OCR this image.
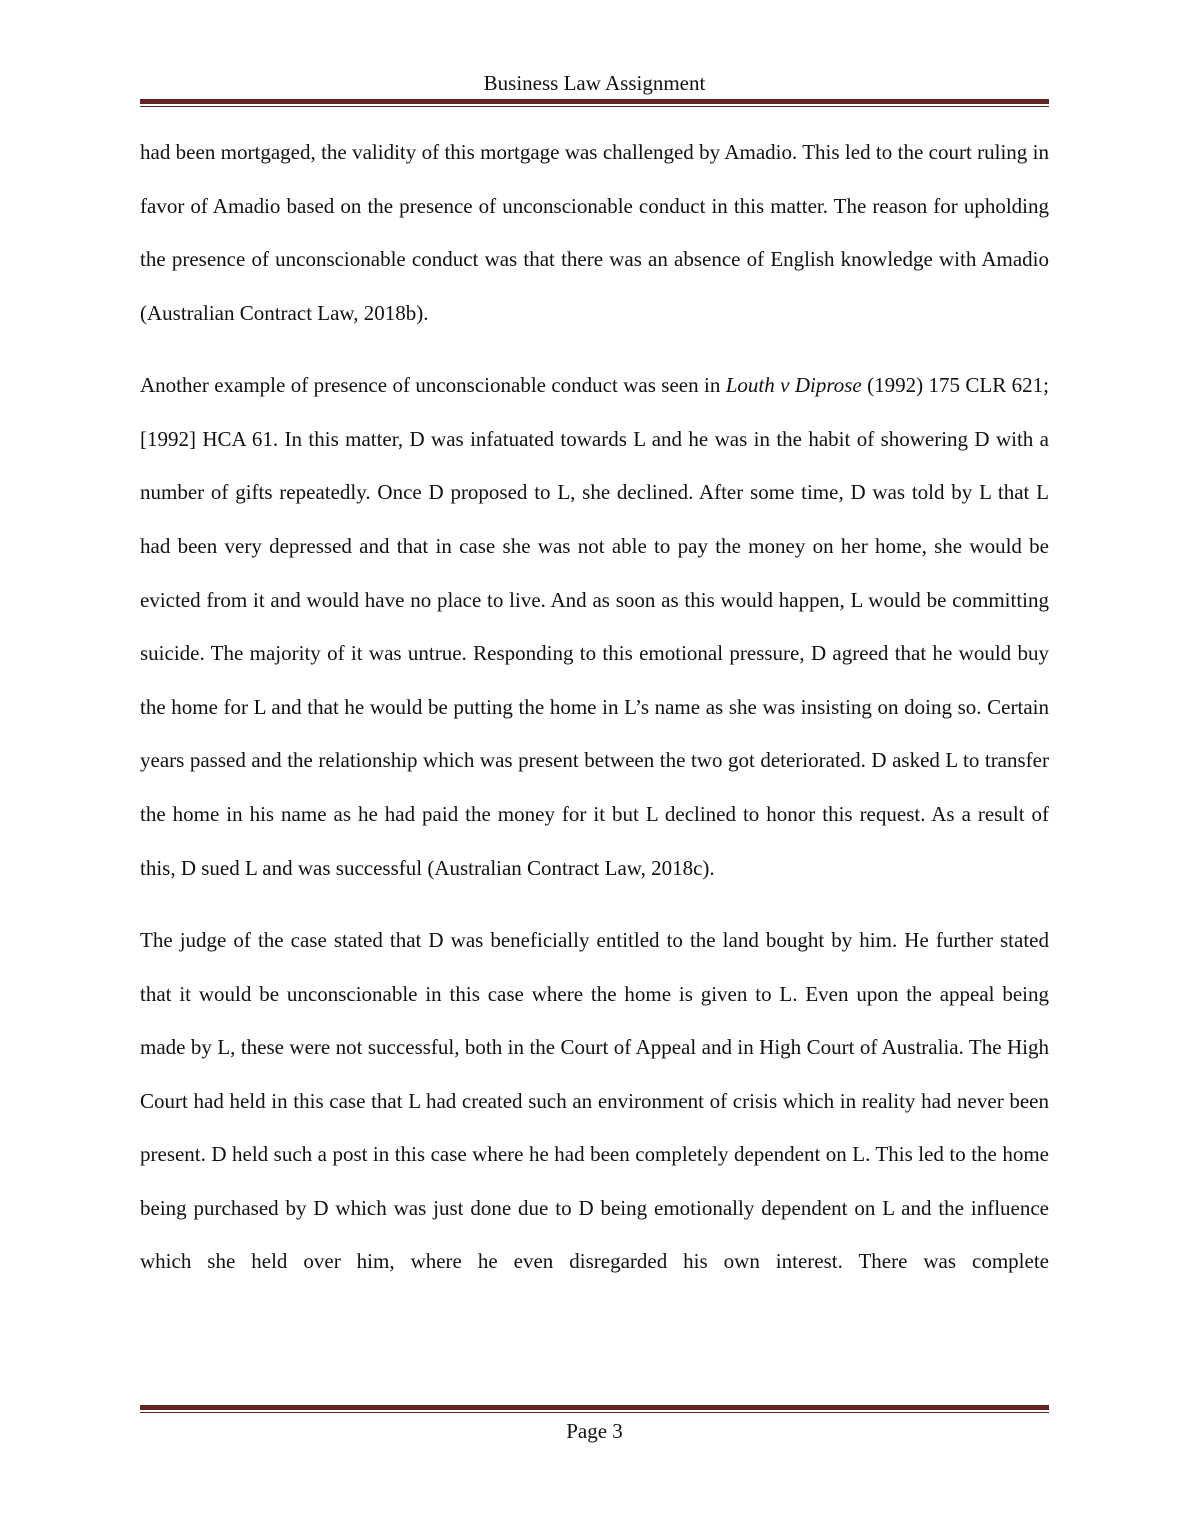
Business Law Assignment

had been mortgaged, the validity of this mortgage was challenged by Amadio. This led to the court ruling in favor of Amadio based on the presence of unconscionable conduct in this matter. The reason for upholding the presence of unconscionable conduct was that there was an absence of English knowledge with Amadio (Australian Contract Law, 2018b).

Another example of presence of unconscionable conduct was seen in Louth v Diprose (1992) 175 CLR 621; [1992] HCA 61. In this matter, D was infatuated towards L and he was in the habit of showering D with a number of gifts repeatedly. Once D proposed to L, she declined. After some time, D was told by L that L had been very depressed and that in case she was not able to pay the money on her home, she would be evicted from it and would have no place to live. And as soon as this would happen, L would be committing suicide. The majority of it was untrue. Responding to this emotional pressure, D agreed that he would buy the home for L and that he would be putting the home in L’s name as she was insisting on doing so. Certain years passed and the relationship which was present between the two got deteriorated. D asked L to transfer the home in his name as he had paid the money for it but L declined to honor this request. As a result of this, D sued L and was successful (Australian Contract Law, 2018c).

The judge of the case stated that D was beneficially entitled to the land bought by him. He further stated that it would be unconscionable in this case where the home is given to L. Even upon the appeal being made by L, these were not successful, both in the Court of Appeal and in High Court of Australia. The High Court had held in this case that L had created such an environment of crisis which in reality had never been present. D held such a post in this case where he had been completely dependent on L. This led to the home being purchased by D which was just done due to D being emotionally dependent on L and the influence which she held over him, where he even disregarded his own interest. There was complete

Page 3
